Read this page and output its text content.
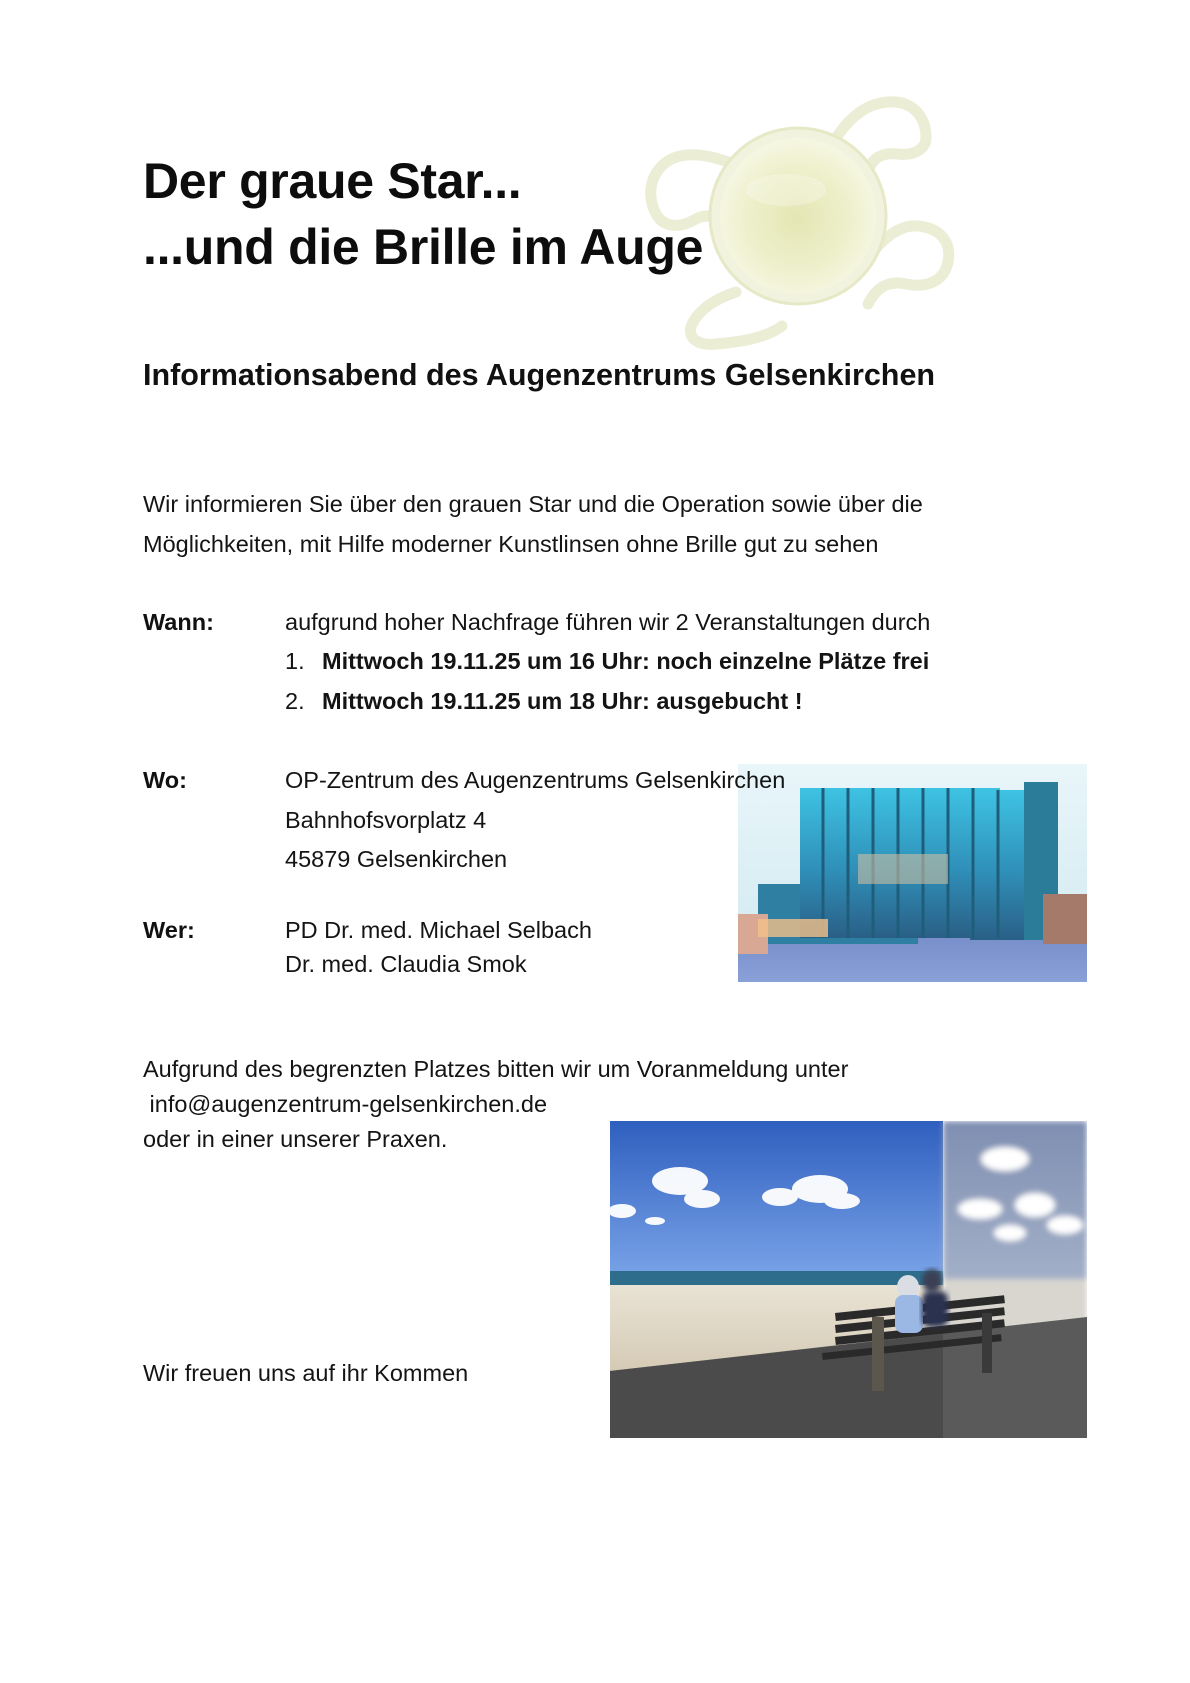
Der graue Star...
...und die Brille im Auge
Informationsabend des Augenzentrums Gelsenkirchen
Wir informieren Sie über den grauen Star und die Operation sowie über die
Möglichkeiten, mit Hilfe moderner Kunstlinsen ohne Brille gut zu sehen
Wann:	aufgrund hoher Nachfrage führen wir 2 Veranstaltungen durch
1. Mittwoch 19.11.25 um 16 Uhr: noch einzelne Plätze frei
2. Mittwoch 19.11.25 um 18 Uhr: ausgebucht !
Wo:	OP-Zentrum des Augenzentrums Gelsenkirchen
Bahnhofsvorplatz 4
45879 Gelsenkirchen
Wer:	PD Dr. med. Michael Selbach
Dr. med. Claudia Smok
Aufgrund des begrenzten Platzes bitten wir um Voranmeldung unter
info@augenzentrum-gelsenkirchen.de
oder in einer unserer Praxen.
Wir freuen uns auf ihr Kommen
